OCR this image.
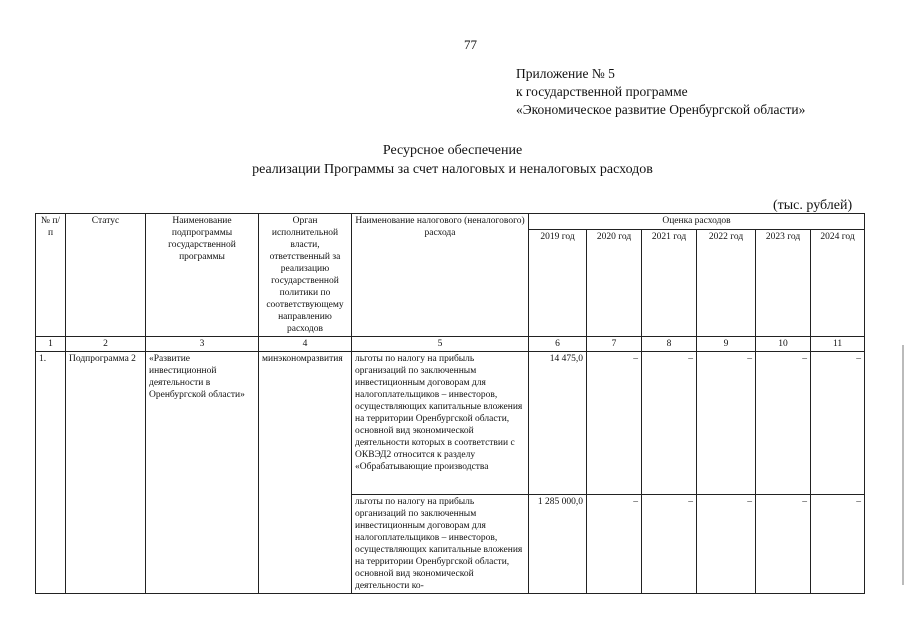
77
Приложение № 5
к государственной программе
«Экономическое развитие Оренбургской области»
Ресурсное обеспечение
реализации Программы за счет налоговых и неналоговых расходов
(тыс. рублей)
№ п/п	Статус	Наименование подпрограммы государственной программы	Орган исполнительной власти, ответственный за реализацию государственной политики по соответствующему направлению расходов	Наименование налогового (неналогового) расхода	Оценка расходов					
					2019 год	2020 год	2021 год	2022 год	2023 год	2024 год
1	2	3	4	5	6	7	8	9	10	11
1.	Подпрограмма 2	«Развитие инвестиционной деятельности в Оренбургской области»	минэкономразвития	льготы по налогу на прибыль организаций по заключенным инвестиционным договорам для налогоплательщиков – инвесторов, осуществляющих капитальные вложения на территории Оренбургской области, основной вид экономической деятельности которых в соответствии с ОКВЭД2 относится к разделу «Обрабатывающие производства	14 475,0	–	–	–	–	–
				льготы по налогу на прибыль организаций по заключенным инвестиционным договорам для налогоплательщиков – инвесторов, осуществляющих капитальные вложения на территории Оренбургской области, основной вид экономической деятельности ко-	1 285 000,0	–	–	–	–	–
